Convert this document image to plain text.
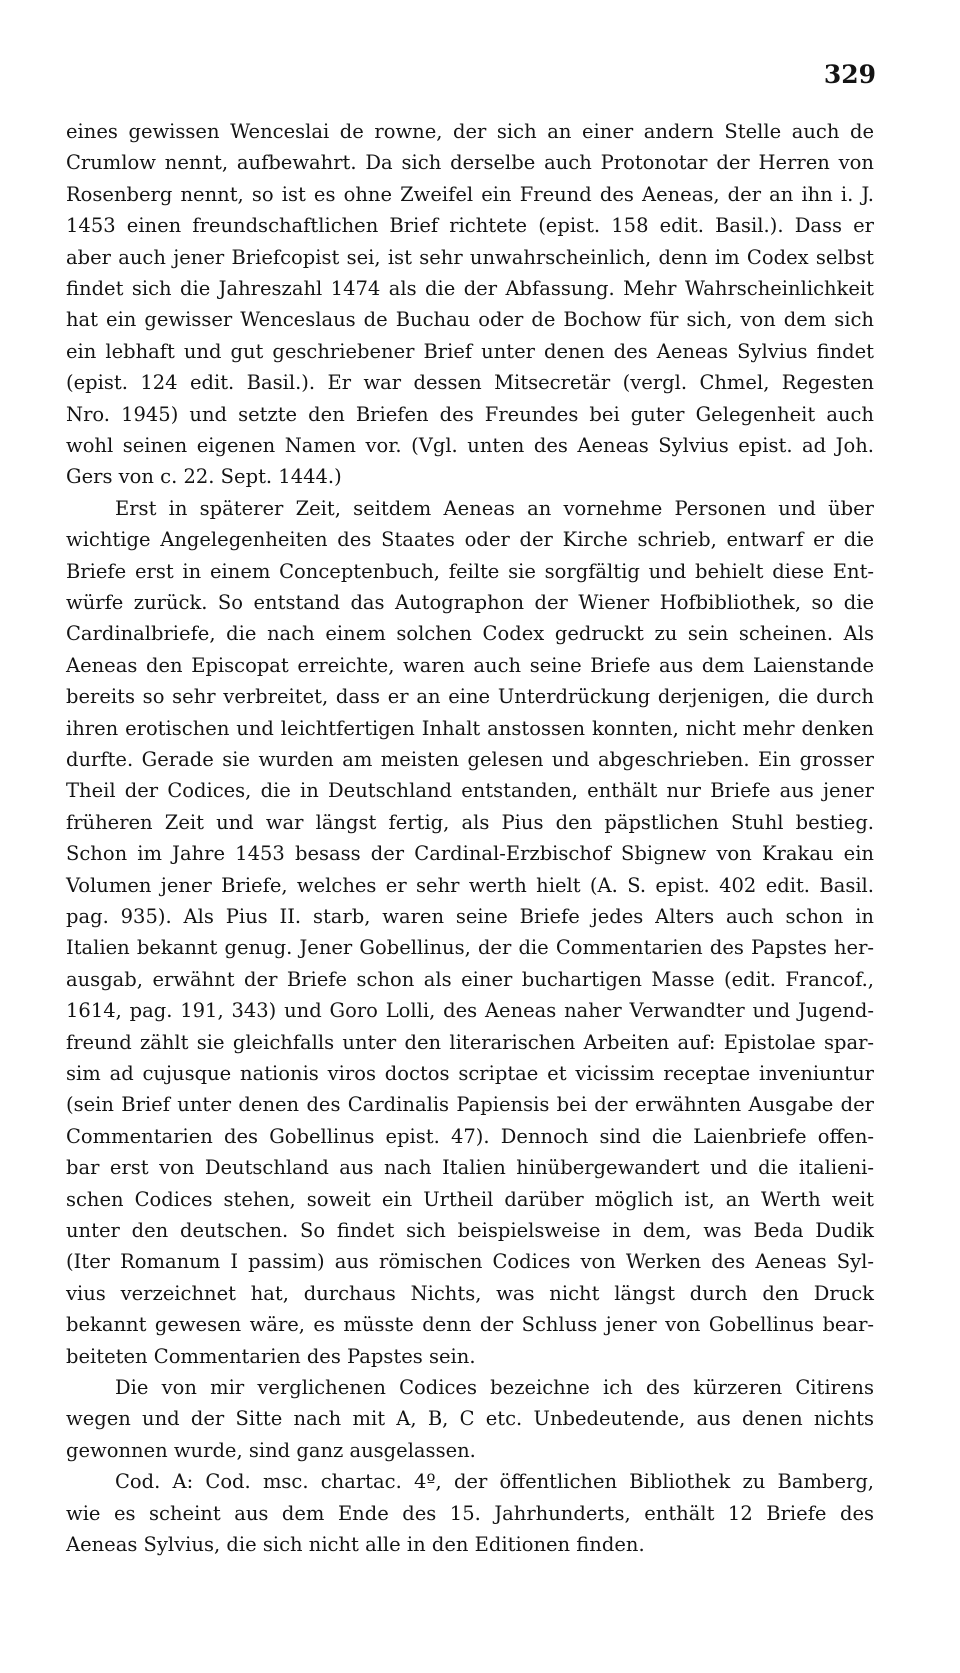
329
eines gewissen Wenceslai de rowne, der sich an einer andern Stelle auch de
Crumlow nennt, aufbewahrt. Da sich derselbe auch Protonotar der Herren von
Rosenberg nennt, so ist es ohne Zweifel ein Freund des Aeneas, der an ihn i. J.
1453 einen freundschaftlichen Brief richtete (epist. 158 edit. Basil.). Dass er
aber auch jener Briefcopist sei, ist sehr unwahrscheinlich, denn im Codex selbst
findet sich die Jahreszahl 1474 als die der Abfassung. Mehr Wahrscheinlichkeit
hat ein gewisser Wenceslaus de Buchau oder de Bochow für sich, von dem sich
ein lebhaft und gut geschriebener Brief unter denen des Aeneas Sylvius findet
(epist. 124 edit. Basil.). Er war dessen Mitsecretär (vergl. Chmel, Regesten
Nro. 1945) und setzte den Briefen des Freundes bei guter Gelegenheit auch
wohl seinen eigenen Namen vor. (Vgl. unten des Aeneas Sylvius epist. ad Joh.
Gers von c. 22. Sept. 1444.)
Erst in späterer Zeit, seitdem Aeneas an vornehme Personen und über
wichtige Angelegenheiten des Staates oder der Kirche schrieb, entwarf er die
Briefe erst in einem Conceptenbuch, feilte sie sorgfältig und behielt diese Ent-
würfe zurück. So entstand das Autographon der Wiener Hofbibliothek, so die
Cardinalbriefe, die nach einem solchen Codex gedruckt zu sein scheinen. Als
Aeneas den Episcopat erreichte, waren auch seine Briefe aus dem Laienstande
bereits so sehr verbreitet, dass er an eine Unterdrückung derjenigen, die durch
ihren erotischen und leichtfertigen Inhalt anstossen konnten, nicht mehr denken
durfte. Gerade sie wurden am meisten gelesen und abgeschrieben. Ein grosser
Theil der Codices, die in Deutschland entstanden, enthält nur Briefe aus jener
früheren Zeit und war längst fertig, als Pius den päpstlichen Stuhl bestieg.
Schon im Jahre 1453 besass der Cardinal-Erzbischof Sbignew von Krakau ein
Volumen jener Briefe, welches er sehr werth hielt (A. S. epist. 402 edit. Basil.
pag. 935). Als Pius II. starb, waren seine Briefe jedes Alters auch schon in
Italien bekannt genug. Jener Gobellinus, der die Commentarien des Papstes her-
ausgab, erwähnt der Briefe schon als einer buchartigen Masse (edit. Francof.,
1614, pag. 191, 343) und Goro Lolli, des Aeneas naher Verwandter und Jugend-
freund zählt sie gleichfalls unter den literarischen Arbeiten auf: Epistolae spar-
sim ad cujusque nationis viros doctos scriptae et vicissim receptae inveniuntur
(sein Brief unter denen des Cardinalis Papiensis bei der erwähnten Ausgabe der
Commentarien des Gobellinus epist. 47). Dennoch sind die Laienbriefe offen-
bar erst von Deutschland aus nach Italien hinübergewandert und die italieni-
schen Codices stehen, soweit ein Urtheil darüber möglich ist, an Werth weit
unter den deutschen. So findet sich beispielsweise in dem, was Beda Dudik
(Iter Romanum I passim) aus römischen Codices von Werken des Aeneas Syl-
vius verzeichnet hat, durchaus Nichts, was nicht längst durch den Druck
bekannt gewesen wäre, es müsste denn der Schluss jener von Gobellinus bear-
beiteten Commentarien des Papstes sein.
Die von mir verglichenen Codices bezeichne ich des kürzeren Citirens
wegen und der Sitte nach mit A, B, C etc. Unbedeutende, aus denen nichts
gewonnen wurde, sind ganz ausgelassen.
Cod. A: Cod. msc. chartac. 4º, der öffentlichen Bibliothek zu Bamberg,
wie es scheint aus dem Ende des 15. Jahrhunderts, enthält 12 Briefe des
Aeneas Sylvius, die sich nicht alle in den Editionen finden.
